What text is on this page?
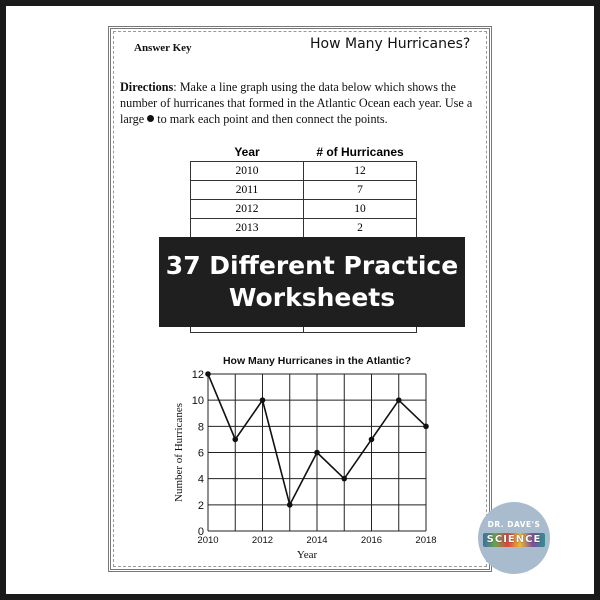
Answer Key	How Many Hurricanes?
Directions: Make a line graph using the data below which shows the number of hurricanes that formed in the Atlantic Ocean each year. Use a large  to mark each point and then connect the points.
Year	# of Hurricanes
2010	12
2011	7
2012	10
2013	2

37 Different Practice
Worksheets
How Many Hurricanes in the Atlantic?
0
2
4
6
8
10
12
2010	2012	2014	2016	2018
Year
Number of Hurricanes
DR. DAVE'S
SCIENCE
